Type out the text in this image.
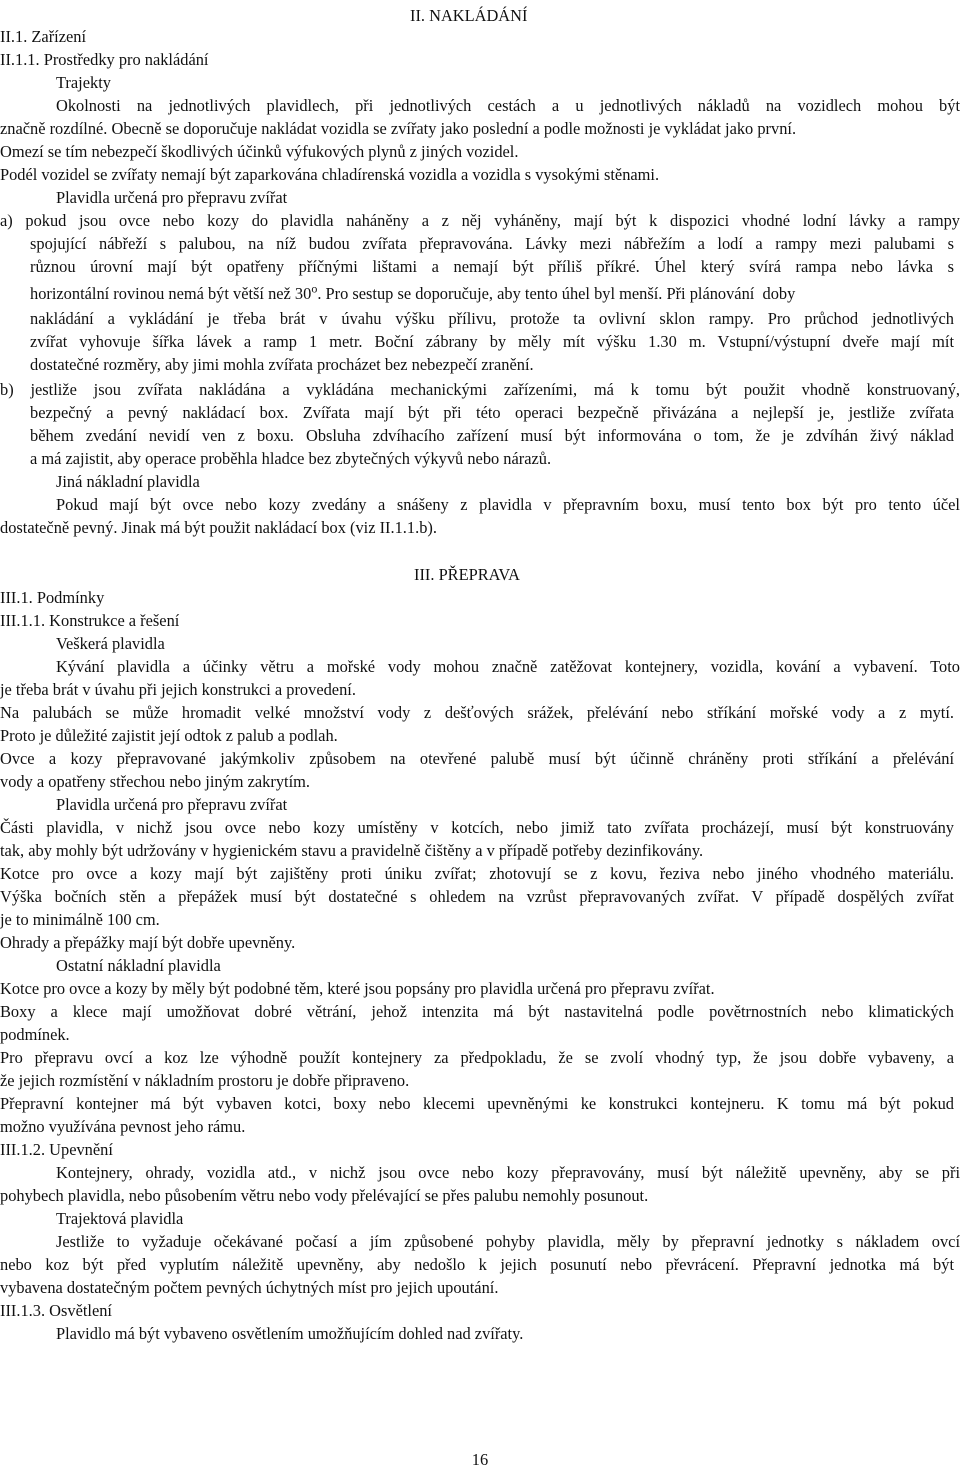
II. NAKLÁDÁNÍ
II.1. Zařízení
II.1.1. Prostředky pro nakládání
Trajekty
Okolnosti na jednotlivých plavidlech, při jednotlivých cestách a u jednotlivých nákladů na vozidlech mohou být
značně rozdílné. Obecně se doporučuje nakládat vozidla se zvířaty jako poslední a podle možnosti je vykládat jako první.
Omezí se tím nebezpečí škodlivých účinků výfukových plynů z jiných vozidel.
Podél vozidel se zvířaty nemají být zaparkována chladírenská vozidla a vozidla s vysokými stěnami.
Plavidla určená pro přepravu zvířat
a) pokud jsou ovce nebo kozy do plavidla naháněny a z něj vyháněny, mají být k dispozici vhodné lodní lávky a rampy
spojující nábřeží s palubou, na níž budou zvířata přepravována. Lávky mezi nábřežím a lodí a rampy mezi palubami s
různou úrovní mají být opatřeny příčnými lištami a nemají být příliš příkré. Úhel který svírá rampa nebo lávka s
horizontální rovinou nemá být větší než 30$^o$. Pro sestup se doporučuje, aby tento úhel byl menší. Při plánování  doby
nakládání a vykládání je třeba brát v úvahu výšku přílivu, protože ta ovlivní sklon rampy. Pro průchod jednotlivých
zvířat vyhovuje šířka lávek a ramp 1 metr. Boční zábrany by měly mít výšku 1.30 m. Vstupní/výstupní dveře mají mít
dostatečné rozměry, aby jimi mohla zvířata procházet bez nebezpečí zranění.
b) jestliže jsou zvířata nakládána a vykládána mechanickými zařízeními, má k tomu být použit vhodně konstruovaný,
bezpečný a pevný nakládací box. Zvířata mají být při této operaci bezpečně přivázána a nejlepší je, jestliže zvířata
během zvedání nevidí ven z boxu. Obsluha zdvíhacího zařízení musí být informována o tom, že je zdvíhán živý náklad
a má zajistit, aby operace proběhla hladce bez zbytečných výkyvů nebo nárazů.
Jiná nákladní plavidla
Pokud mají být ovce nebo kozy zvedány a snášeny z plavidla v přepravním boxu, musí tento box být pro tento účel
dostatečně pevný. Jinak má být použit nakládací box (viz II.1.1.b).
III. PŘEPRAVA
III.1. Podmínky
III.1.1. Konstrukce a řešení
Veškerá plavidla
Kývání plavidla a účinky větru a mořské vody mohou značně zatěžovat kontejnery, vozidla, kování a vybavení. Toto
je třeba brát v úvahu při jejich konstrukci a provedení.
Na palubách se může hromadit velké množství vody z dešťových srážek, přelévání nebo stříkání mořské vody a z mytí.
Proto je důležité zajistit její odtok z palub a podlah.
Ovce a kozy přepravované jakýmkoliv způsobem na otevřené palubě musí být účinně chráněny proti stříkání a přelévání
vody a opatřeny střechou nebo jiným zakrytím.
Plavidla určená pro přepravu zvířat
Části plavidla, v nichž jsou ovce nebo kozy umístěny v kotcích, nebo jimiž tato zvířata procházejí, musí být konstruovány
tak, aby mohly být udržovány v hygienickém stavu a pravidelně čištěny a v případě potřeby dezinfikovány.
Kotce pro ovce a kozy mají být zajištěny proti úniku zvířat; zhotovují se z kovu, řeziva nebo jiného vhodného materiálu.
Výška bočních stěn a přepážek musí být dostatečné s ohledem na vzrůst přepravovaných zvířat. V případě dospělých zvířat
je to minimálně 100 cm.
Ohrady a přepážky mají být dobře upevněny.
Ostatní nákladní plavidla
Kotce pro ovce a kozy by měly být podobné těm, které jsou popsány pro plavidla určená pro přepravu zvířat.
Boxy a klece mají umožňovat dobré větrání, jehož intenzita má být nastavitelná podle povětrnostních nebo klimatických
podmínek.
Pro přepravu ovcí a koz lze výhodně použít kontejnery za předpokladu, že se zvolí vhodný typ, že jsou dobře vybaveny, a
že jejich rozmístění v nákladním prostoru je dobře připraveno.
Přepravní kontejner má být vybaven kotci, boxy nebo klecemi upevněnými ke konstrukci kontejneru. K tomu má být pokud
možno využívána pevnost jeho rámu.
III.1.2. Upevnění
Kontejnery, ohrady, vozidla atd., v nichž jsou ovce nebo kozy přepravovány, musí být náležitě upevněny, aby se při
pohybech plavidla, nebo působením větru nebo vody přelévající se přes palubu nemohly posunout.
Trajektová plavidla
Jestliže to vyžaduje očekávané počasí a jím způsobené pohyby plavidla, měly by přepravní jednotky s nákladem ovcí
nebo koz být před vyplutím náležitě upevněny, aby nedošlo k jejich posunutí nebo převrácení. Přepravní jednotka má být
vybavena dostatečným počtem pevných úchytných míst pro jejich upoutání.
III.1.3. Osvětlení
Plavidlo má být vybaveno osvětlením umožňujícím dohled nad zvířaty.
16
